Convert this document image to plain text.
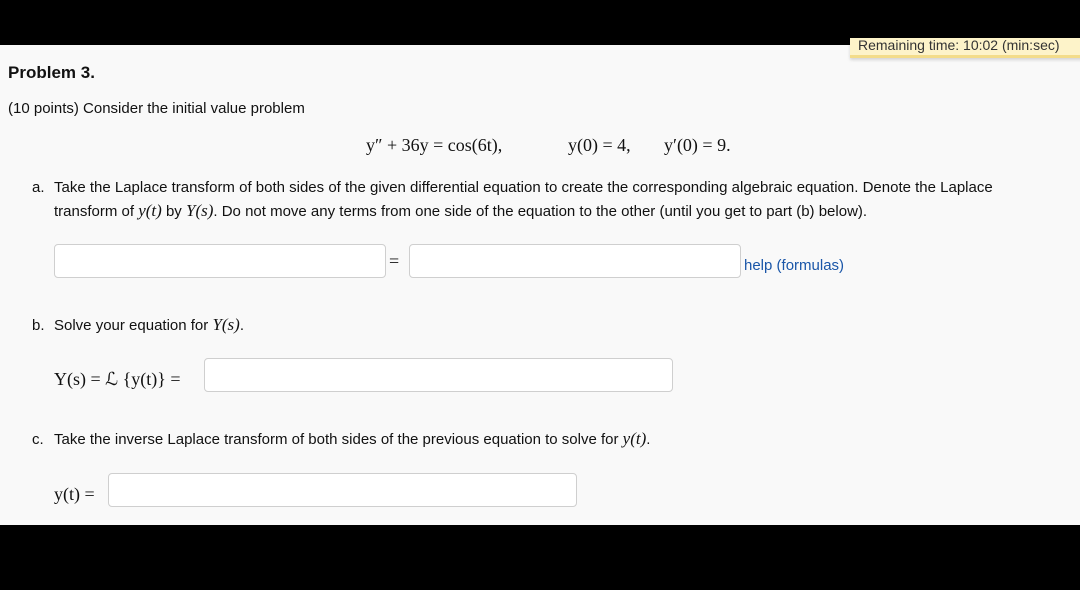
Problem 3.
(10 points) Consider the initial value problem
y″ + 36y = cos(6t),	y(0) = 4, y′(0) = 9.
a. Take the Laplace transform of both sides of the given differential equation to create the corresponding algebraic equation. Denote the Laplace
transform of y(t) by Y(s). Do not move any terms from one side of the equation to the other (until you get to part (b) below).
=	help (formulas)
b. Solve your equation for Y(s).
Y(s) = ℒ {y(t)} =
c. Take the inverse Laplace transform of both sides of the previous equation to solve for y(t).
y(t) =
Remaining time: 10:02 (min:sec)
